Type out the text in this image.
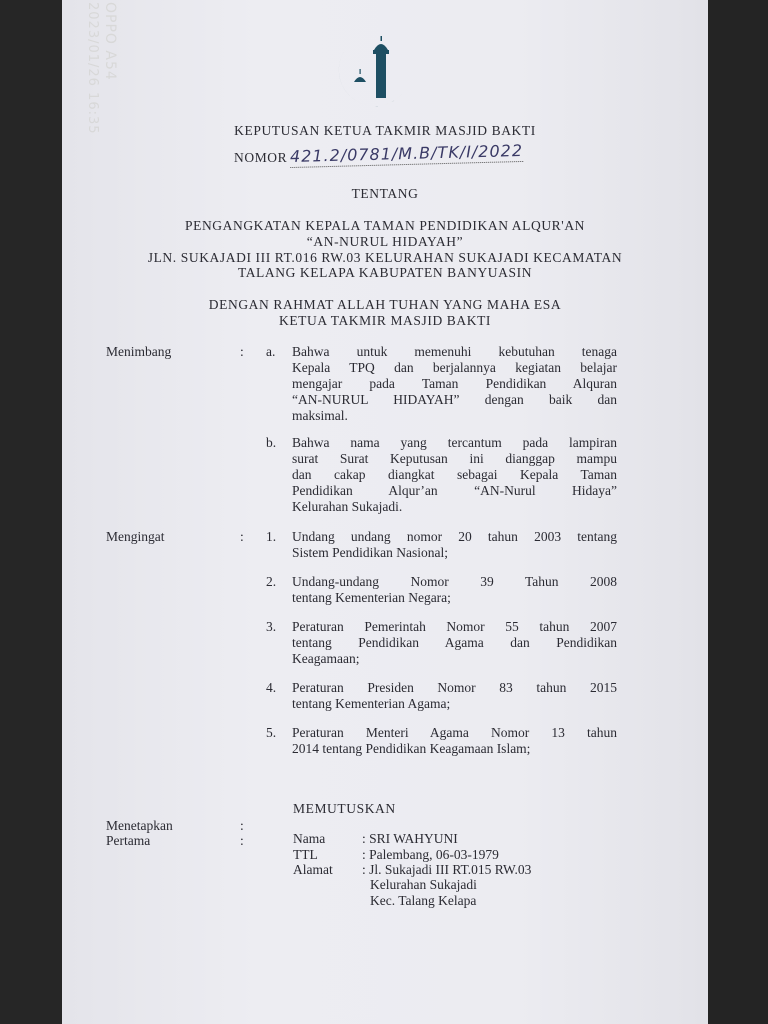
OPPO A54
2023/01/26 16:35	KEPUTUSAN KETUA TAKMIR MASJID BAKTI
NOMOR 421.2/0781/M.B/TK/I/2022
TENTANG
PENGANGKATAN KEPALA TAMAN PENDIDIKAN ALQUR'AN
“AN-NURUL HIDAYAH”
JLN. SUKAJADI III RT.016 RW.03 KELURAHAN SUKAJADI KECAMATAN
TALANG KELAPA KABUPATEN BANYUASIN
DENGAN RAHMAT ALLAH TUHAN YANG MAHA ESA
KETUA TAKMIR MASJID BAKTI
Menimbang	: a. Bahwa untuk memenuhi kebutuhan tenaga
Kepala TPQ dan berjalannya kegiatan belajar
mengajar pada Taman Pendidikan Alquran
“AN-NURUL HIDAYAH” dengan baik dan
maksimal.
b. Bahwa nama yang tercantum pada lampiran
surat Surat Keputusan ini dianggap mampu
dan cakap diangkat sebagai Kepala Taman
Pendidikan Alqur’an “AN-Nurul Hidaya”
Kelurahan Sukajadi.
Mengingat	: 1. Undang undang nomor 20 tahun 2003 tentang
Sistem Pendidikan Nasional;
2. Undang-undang Nomor 39 Tahun 2008
tentang Kementerian Negara;
3. Peraturan Pemerintah Nomor 55 tahun 2007
tentang Pendidikan Agama dan Pendidikan
Keagamaan;
4. Peraturan Presiden Nomor 83 tahun 2015
tentang Kementerian Agama;
5. Peraturan Menteri Agama Nomor 13 tahun
2014 tentang Pendidikan Keagamaan Islam;
MEMUTUSKAN
Menetapkan	:
Pertama	:	Nama	: SRI WAHYUNI
TTL	: Palembang, 06-03-1979
Alamat : Jl. Sukajadi III RT.015 RW.03
Kelurahan Sukajadi
Kec. Talang Kelapa
